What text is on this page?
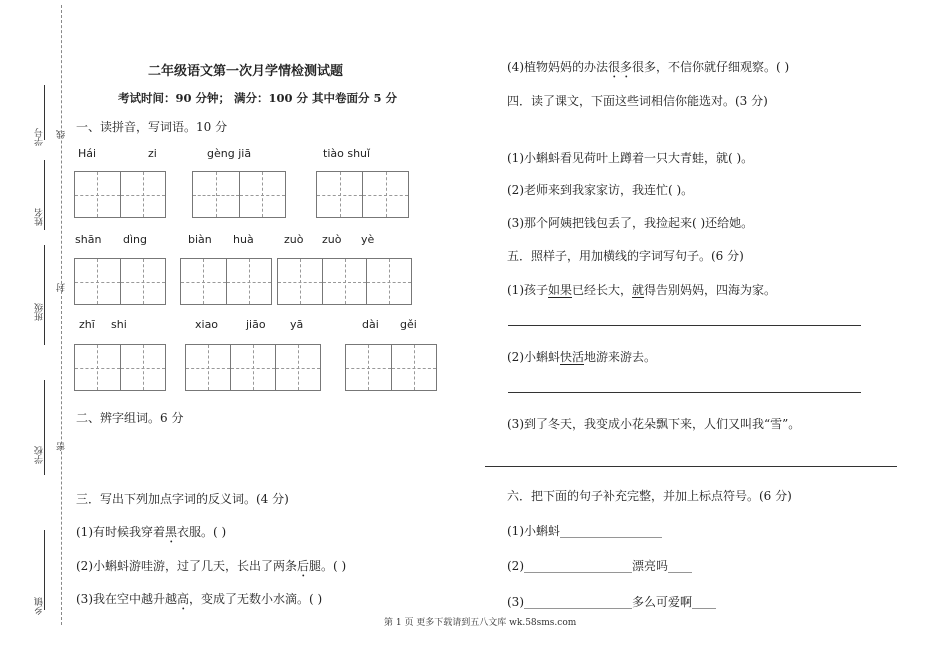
学号
姓名
班级
学校
乡镇
线
封
密
二年级语文第一次月学情检测试题
考试时间：90 分钟； 满分：100 分 其中卷面分 5 分
一、读拼音，写词语。10 分
Hái	zi	gèng jiā	tiào shuǐ
shān dìng	biàn huà	zuò zuò yè
zhī shi	xiao	jiāo yā	dài gěi
二、辨字组词。6 分
三．写出下列加点字词的反义词。(4 分)
(1)有时候我穿着黑衣服。( )
(2)小蝌蚪游哇游，过了几天，长出了两条后腿。( )
(3)我在空中越升越高，变成了无数小水滴。( )
(4)植物妈妈的办法很多很多，不信你就仔细观察。( )
四．读了课文，下面这些词相信你能选对。(3 分)
(1)小蝌蚪看见荷叶上蹲着一只大青蛙，就( )。
(2)老师来到我家家访，我连忙( )。
(3)那个阿姨把钱包丢了，我捡起来( )还给她。
五．照样子，用加横线的字词写句子。(6 分)
(1)孩子如果已经长大，就得告别妈妈，四海为家。
(2)小蝌蚪快活地游来游去。
(3)到了冬天，我变成小花朵飘下来，人们又叫我“雪”。
六．把下面的句子补充完整，并加上标点符号。(6 分)
(1)小蝌蚪_________________
(2)__________________漂亮吗____
(3)__________________多么可爱啊____
第 1 页 更多下载请到五八文库 wk.58sms.com
